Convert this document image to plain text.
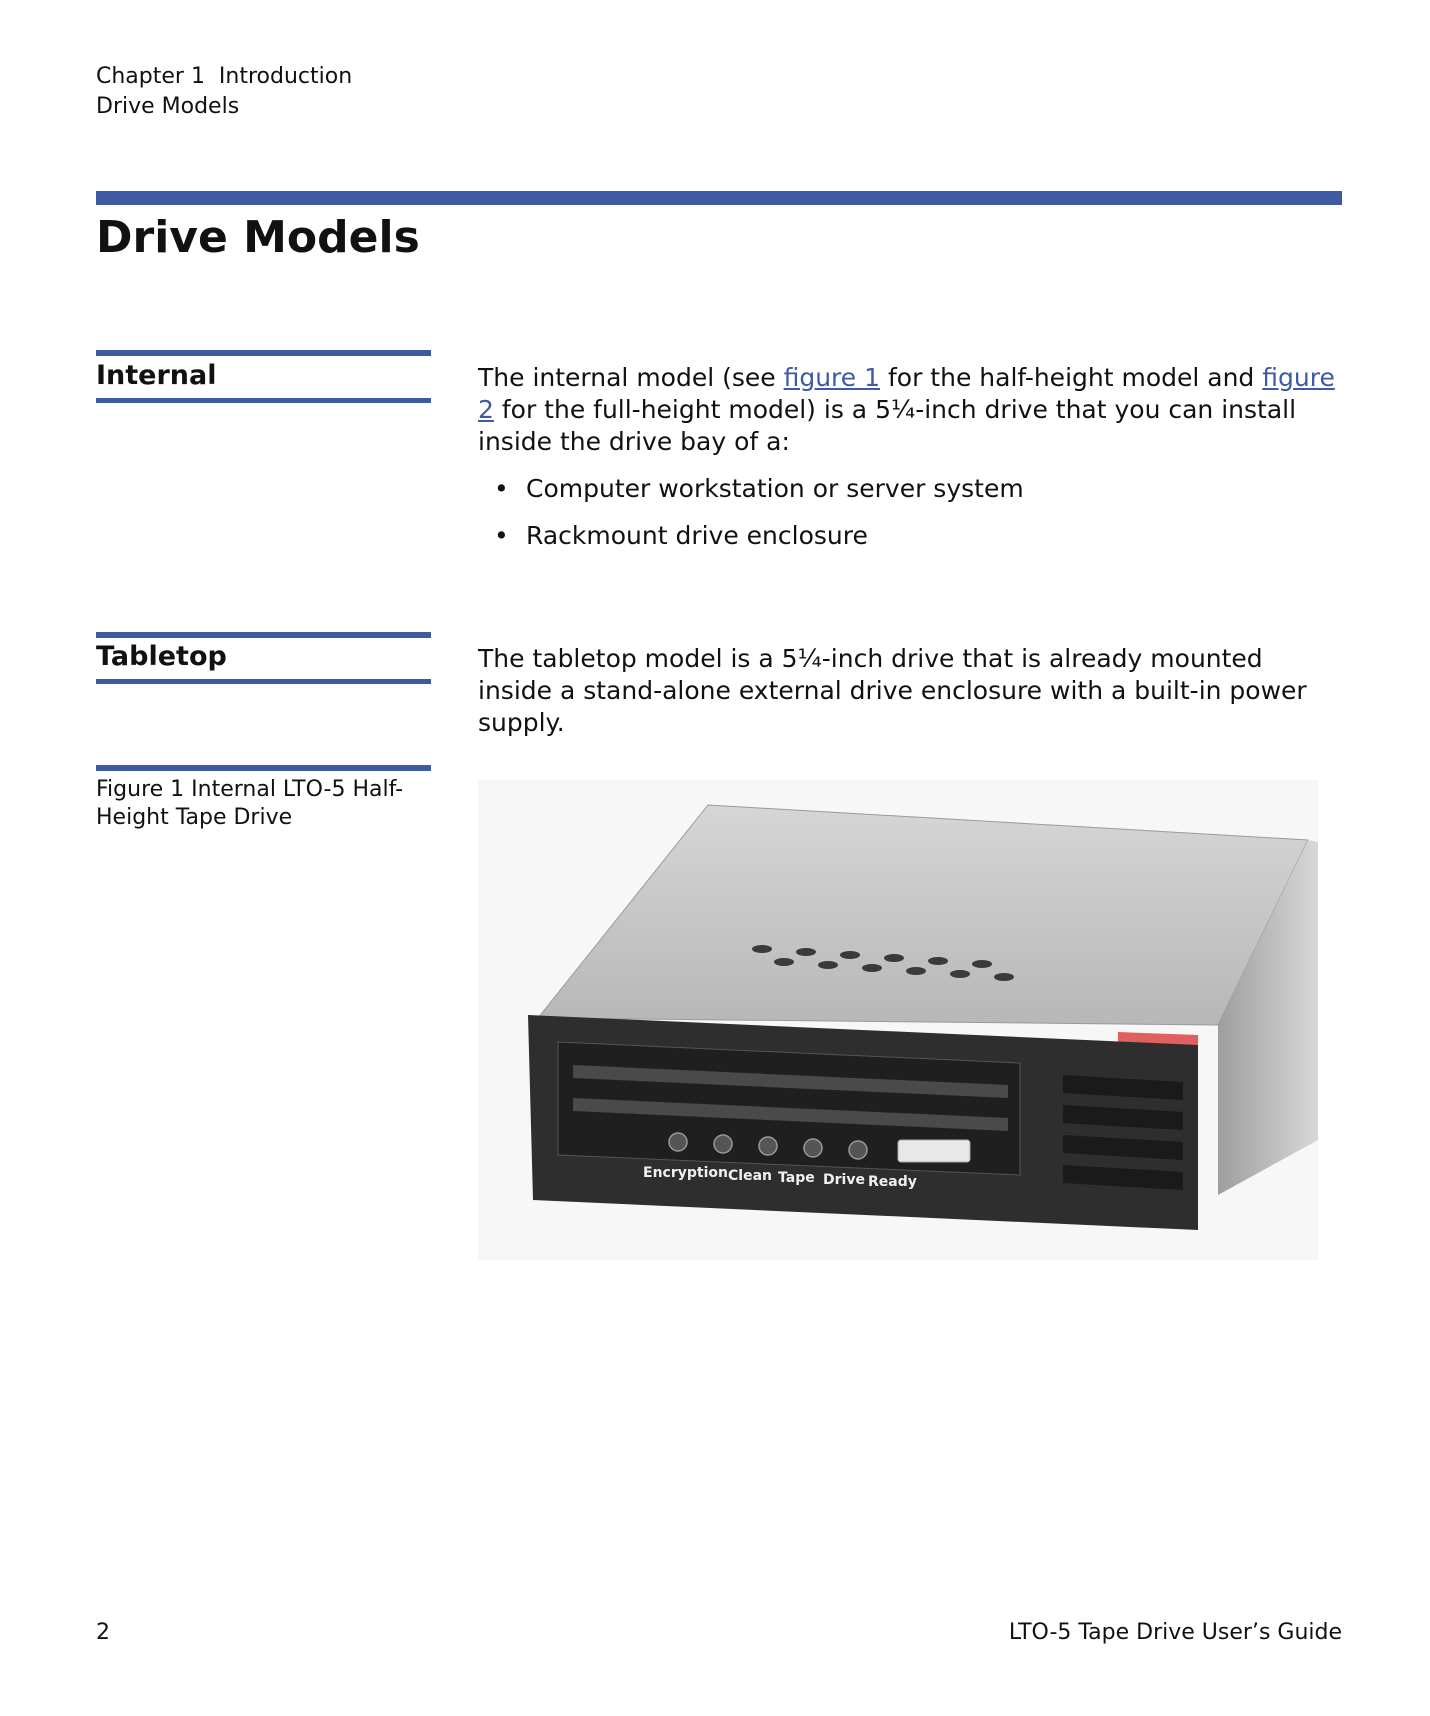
Chapter 1  Introduction
Drive Models
Drive Models
Internal	The internal model (see figure 1 for the half-height model and figure 2 for the full-height model) is a 5¼-inch drive that you can install inside the drive bay of a:
• Computer workstation or server system
• Rackmount drive enclosure
Tabletop	The tabletop model is a 5¼-inch drive that is already mounted inside a stand-alone external drive enclosure with a built-in power supply.
Figure 1 Internal LTO-5 Half-Height Tape Drive
Encryption Clean Tape Drive Ready
2	LTO-5 Tape Drive User’s Guide
